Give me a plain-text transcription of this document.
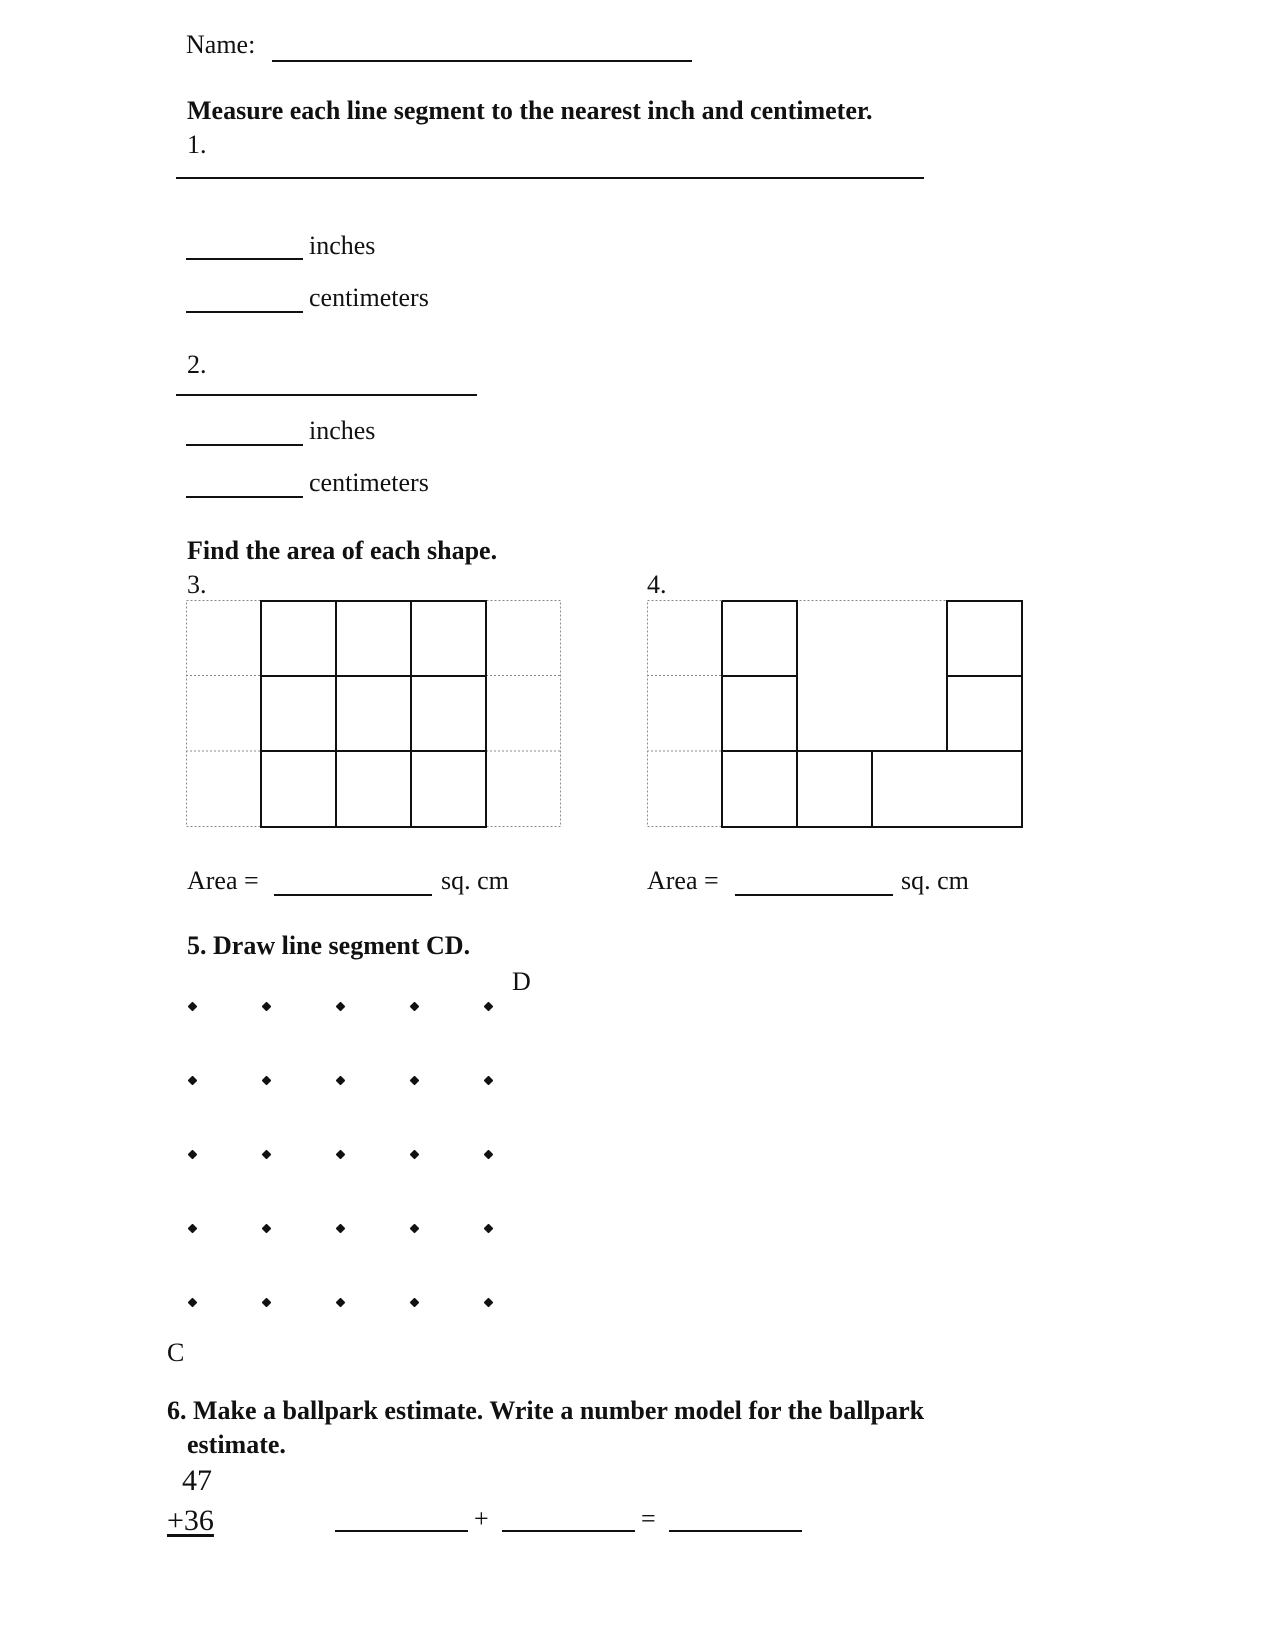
Name:
Measure each line segment to the nearest inch and centimeter.
1.
inches
centimeters
2.
inches
centimeters
Find the area of each shape.
3.
Area =	sq. cm
4.
Area =	sq. cm
5. Draw line segment CD.
D
C
6. Make a ballpark estimate. Write a number model for the ballpark
estimate.
47
+36	+	=
